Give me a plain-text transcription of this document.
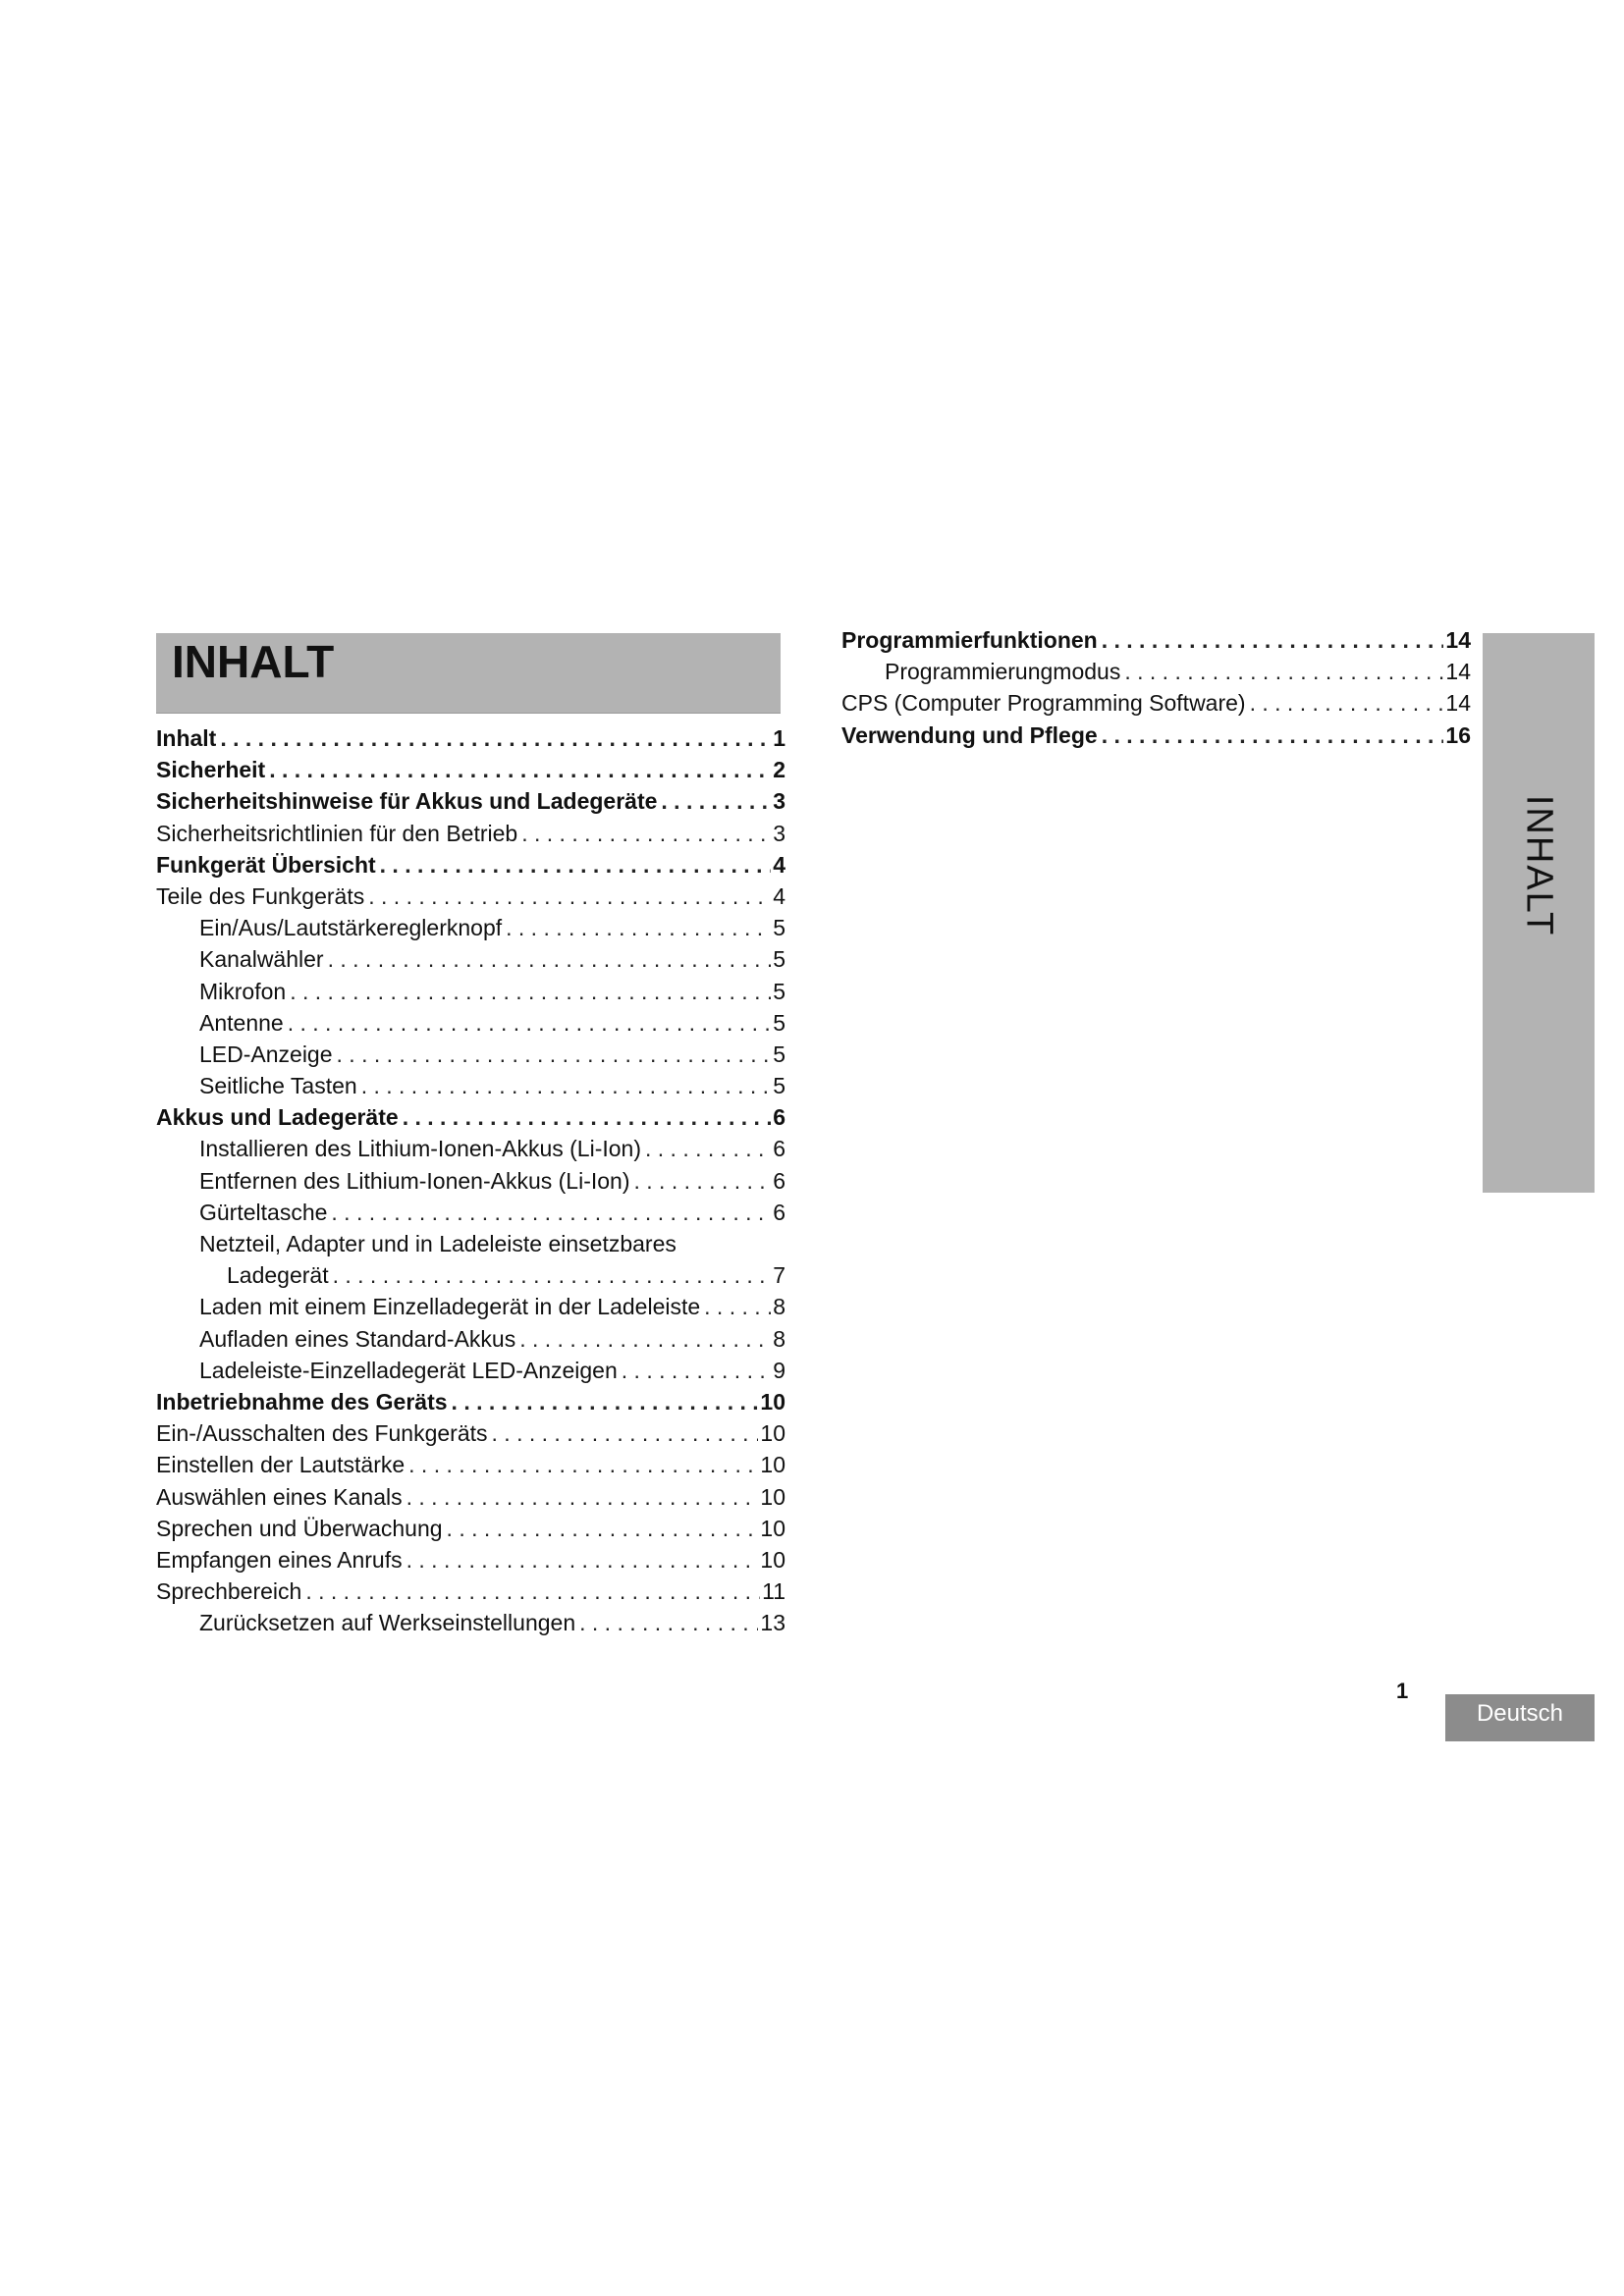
INHALT
Inhalt . . .	1
Sicherheit . . .	2
Sicherheitshinweise für Akkus und Ladegeräte . . .	3
Sicherheitsrichtlinien für den Betrieb . . .	3
Funkgerät Übersicht . . .	4
Teile des Funkgeräts . . .	4
Ein/Aus/Lautstärkereglerknopf . . .	5
Kanalwähler . . .	5
Mikrofon . . .	5
Antenne . . .	5
LED-Anzeige . . .	5
Seitliche Tasten . . .	5
Akkus und Ladegeräte . . .	6
Installieren des Lithium-Ionen-Akkus (Li-Ion) . . .	6
Entfernen des Lithium-Ionen-Akkus (Li-Ion) . . .	6
Gürteltasche . . .	6
Netzteil, Adapter und in Ladeleiste einsetzbares
Ladegerät . . .	7
Laden mit einem Einzelladegerät in der Ladeleiste . . .	8
Aufladen eines Standard-Akkus . . .	8
Ladeleiste-Einzelladegerät LED-Anzeigen . . .	9
Inbetriebnahme des Geräts . . .	10
Ein-/Ausschalten des Funkgeräts . . .	10
Einstellen der Lautstärke . . .	10
Auswählen eines Kanals . . .	10
Sprechen und Überwachung . . .	10
Empfangen eines Anrufs . . .	10
Sprechbereich . . .	11
Zurücksetzen auf Werkseinstellungen . . .	13
Programmierfunktionen . . .	14
Programmierungmodus . . .	14
CPS (Computer Programming Software) . . .	14
Verwendung und Pflege . . .	16
INHALT
1
Deutsch
